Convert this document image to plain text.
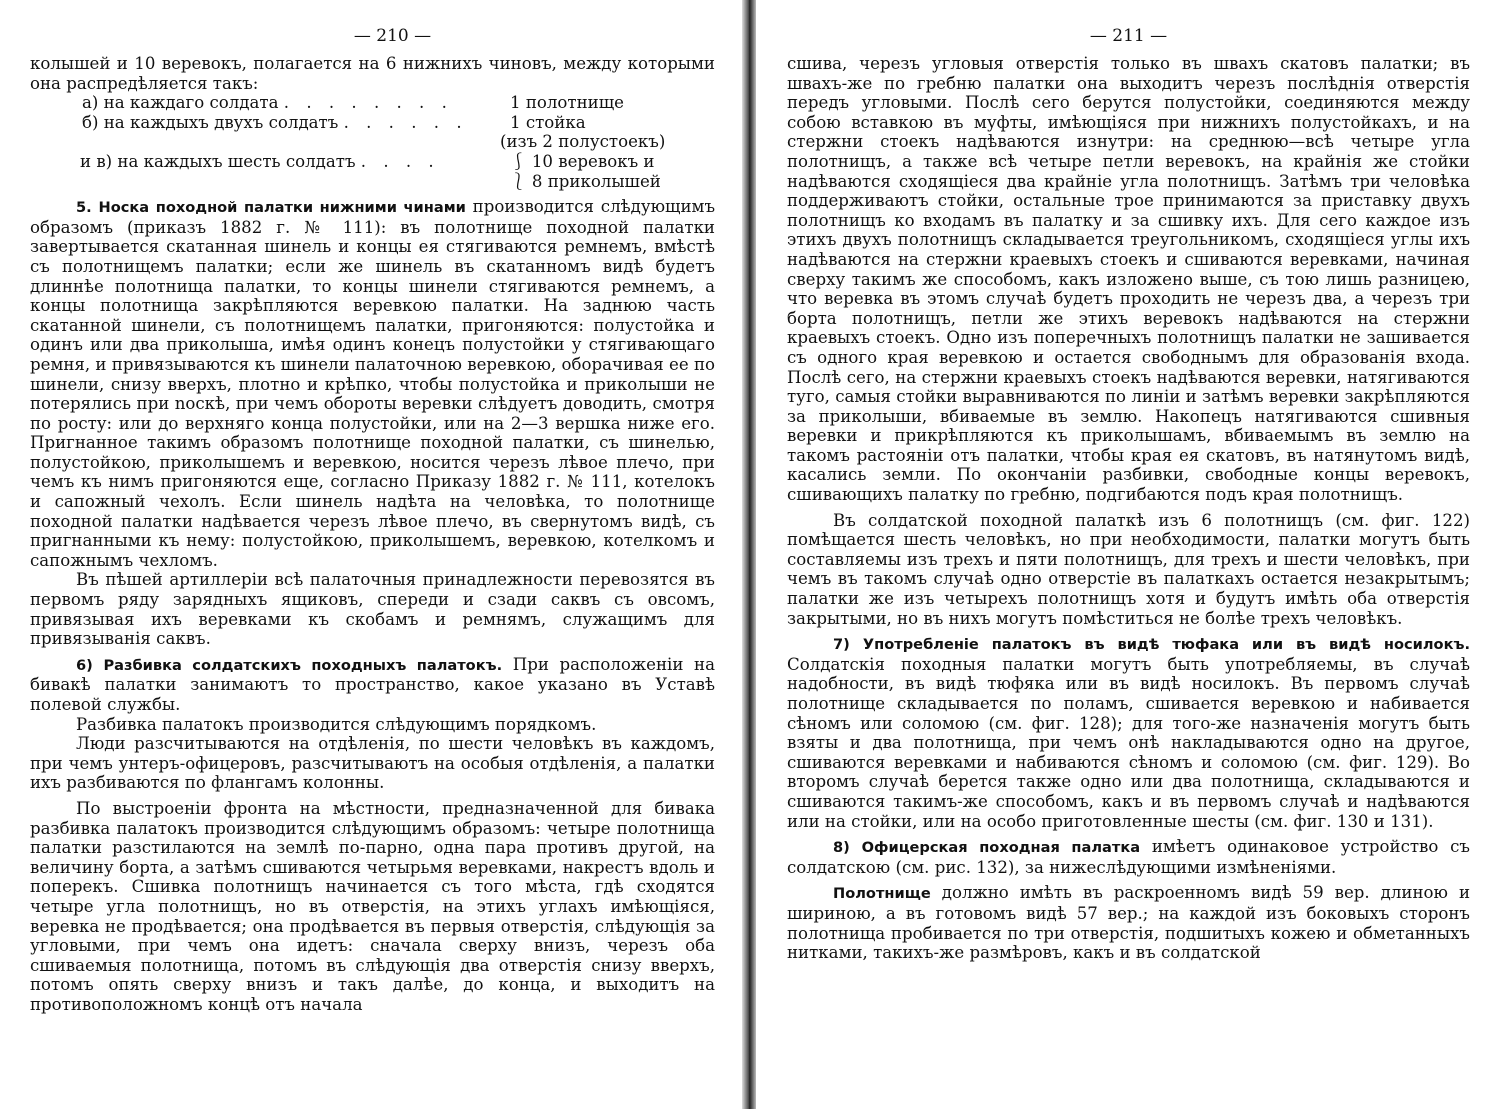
— 210 —

колышей и 10 веревокъ, полагается на 6 нижнихъ чиновъ, между которыми она распредѣляется такъ:

а) на каждаго солдата . . . . . . . .	1 полотнище
б) на каждыхъ двухъ солдатъ . . . . . .	1 стойка
(изъ 2 полустоекъ)
и в) на каждыхъ шесть солдатъ . . . .	⎰ 10 веревокъ и
⎱ 8 приколышей

5. Носка походной палатки нижними чинами производится слѣдующимъ образомъ (приказъ 1882 г. № 111): въ полотнище походной палатки завертывается скатанная шинель и концы ея стягиваются ремнемъ, вмѣстѣ съ полотнищемъ палатки; если же шинель въ скатанномъ видѣ будетъ длиннѣе полотнища палатки, то концы шинели стягиваются ремнемъ, а концы полотнища закрѣпляются веревкою палатки. На заднюю часть скатанной шинели, съ полотнищемъ палатки, пригоняются: полустойка и одинъ или два приколыша, имѣя одинъ конецъ полустойки у стягивающаго ремня, и привязываются къ шинели палаточною веревкою, оборачивая ее по шинели, снизу вверхъ, плотно и крѣпко, чтобы полустойка и приколыши не потерялись при noскѣ, при чемъ обороты веревки слѣдуетъ доводить, смотря по росту: или до верхняго конца полустойки, или на 2—3 вершка ниже его. Пригнанное такимъ образомъ полотнище походной палатки, съ шинелью, полустойкою, приколышемъ и веревкою, носится черезъ лѣвое плечо, при чемъ къ нимъ пригоняются еще, согласно Приказу 1882 г. № 111, котелокъ и сапожный чехолъ. Если шинель надѣта на человѣка, то полотнище походной палатки надѣвается черезъ лѣвое плечо, въ свернутомъ видѣ, съ пригнанными къ нему: полустойкою, приколышемъ, веревкою, котелкомъ и сапожнымъ чехломъ.

Въ пѣшей артиллеріи всѣ палаточныя принадлежности перевозятся въ первомъ ряду зарядныхъ ящиковъ, спереди и сзади саквъ съ овсомъ, привязывая ихъ веревками къ скобамъ и ремнямъ, служащимъ для привязыванія саквъ.

6) Разбивка солдатскихъ походныхъ палатокъ. При расположеніи на бивакѣ палатки занимаютъ то пространство, какое указано въ Уставѣ полевой службы.

Разбивка палатокъ производится слѣдующимъ порядкомъ.

Люди разсчитываются на отдѣленія, по шести человѣкъ въ каждомъ, при чемъ унтеръ-офицеровъ, разсчитываютъ на особыя отдѣленія, а палатки ихъ разбиваются по флангамъ колонны.

По выстроеніи фронта на мѣстности, предназначенной для бивака разбивка палатокъ производится слѣдующимъ образомъ: четыре полотнища палатки разстилаются на землѣ по-парно, одна пара противъ другой, на величину борта, а затѣмъ сшиваются четырьмя веревками, накрестъ вдоль и поперекъ. Сшивка полотнищъ начинается съ того мѣста, гдѣ сходятся четыре угла полотнищъ, но въ отверстія, на этихъ углахъ имѣющіяся, веревка не продѣвается; она продѣвается въ первыя отверстія, слѣдующія за угловыми, при чемъ она идетъ: сначала сверху внизъ, черезъ оба сшиваемыя полотнища, потомъ въ слѣдующія два отверстія снизу вверхъ, потомъ опять сверху внизъ и такъ далѣе, до конца, и выходитъ на противоположномъ концѣ отъ начала

— 211 —

сшива, черезъ угловыя отверстія только въ швахъ скатовъ палатки; въ швахъ-же по гребню палатки она выходитъ черезъ послѣднія отверстія передъ угловыми. Послѣ сего берутся полустойки, соединяются между собою вставкою въ муфты, имѣющіяся при нижнихъ полустойкахъ, и на стержни стоекъ надѣваются изнутри: на среднюю—всѣ четыре угла полотнищъ, а также всѣ четыре петли веревокъ, на крайнія же стойки надѣваются сходящіеся два крайніе угла полотнищъ. Затѣмъ три человѣка поддерживаютъ стойки, остальные трое принимаются за приставку двухъ полотнищъ ко входамъ въ палатку и за сшивку ихъ. Для сего каждое изъ этихъ двухъ полотнищъ складывается треугольникомъ, сходящіеся углы ихъ надѣваются на стержни краевыхъ стоекъ и сшиваются веревками, начиная сверху такимъ же способомъ, какъ изложено выше, съ тою лишь разницею, что веревка въ этомъ случаѣ будетъ проходить не черезъ два, а черезъ три борта полотнищъ, петли же этихъ веревокъ надѣваются на стержни краевыхъ стоекъ. Одно изъ поперечныхъ полотнищъ палатки не зашивается съ одного края веревкою и остается свободнымъ для образованія входа. Послѣ сего, на стержни краевыхъ стоекъ надѣваются веревки, натягиваются туго, самыя стойки выравниваются по линіи и затѣмъ веревки закрѣпляются за приколыши, вбиваемые въ землю. Накопецъ натягиваются сшивныя веревки и прикрѣпляются къ приколышамъ, вбиваемымъ въ землю на такомъ растояніи отъ палатки, чтобы края ея скатовъ, въ натянутомъ видѣ, касались земли. По окончаніи разбивки, свободные концы веревокъ, сшивающихъ палатку по гребню, подгибаются подъ края полотнищъ.

Въ солдатской походной палаткѣ изъ 6 полотнищъ (см. фиг. 122) помѣщается шесть человѣкъ, но при необходимости, палатки могутъ быть составляемы изъ трехъ и пяти полотнищъ, для трехъ и шести человѣкъ, при чемъ въ такомъ случаѣ одно отверстіе въ палаткахъ остается незакрытымъ; палатки же изъ четырехъ полотнищъ хотя и будутъ имѣть оба отверстія закрытыми, но въ нихъ могутъ помѣститься не болѣе трехъ человѣкъ.

7) Употребленіе палатокъ въ видѣ тюфака или въ видѣ носилокъ. Солдатскія походныя палатки могутъ быть употребляемы, въ случаѣ надобности, въ видѣ тюфяка или въ видѣ носилокъ. Въ первомъ случаѣ полотнище складывается по поламъ, сшивается веревкою и набивается сѣномъ или соломою (см. фиг. 128); для того-же назначенія могутъ быть взяты и два полотнища, при чемъ онѣ накладываются одно на другое, сшиваются веревками и набиваются сѣномъ и соломою (см. фиг. 129). Во второмъ случаѣ берется также одно или два полотнища, складываются и сшиваются такимъ-же способомъ, какъ и въ первомъ случаѣ и надѣваются или на стойки, или на особо приготовленные шесты (см. фиг. 130 и 131).

8) Офицерская походная палатка имѣетъ одинаковое устройство съ солдатскою (см. рис. 132), за нижеслѣдующими измѣненіями.

Полотнище должно имѣть въ раскроенномъ видѣ 59 вер. длиною и шириною, а въ готовомъ видѣ 57 вер.; на каждой изъ боковыхъ сторонъ полотнища пробивается по три отверстія, подшитыхъ кожею и обметанныхъ нитками, такихъ-же размѣровъ, какъ и въ солдатской
